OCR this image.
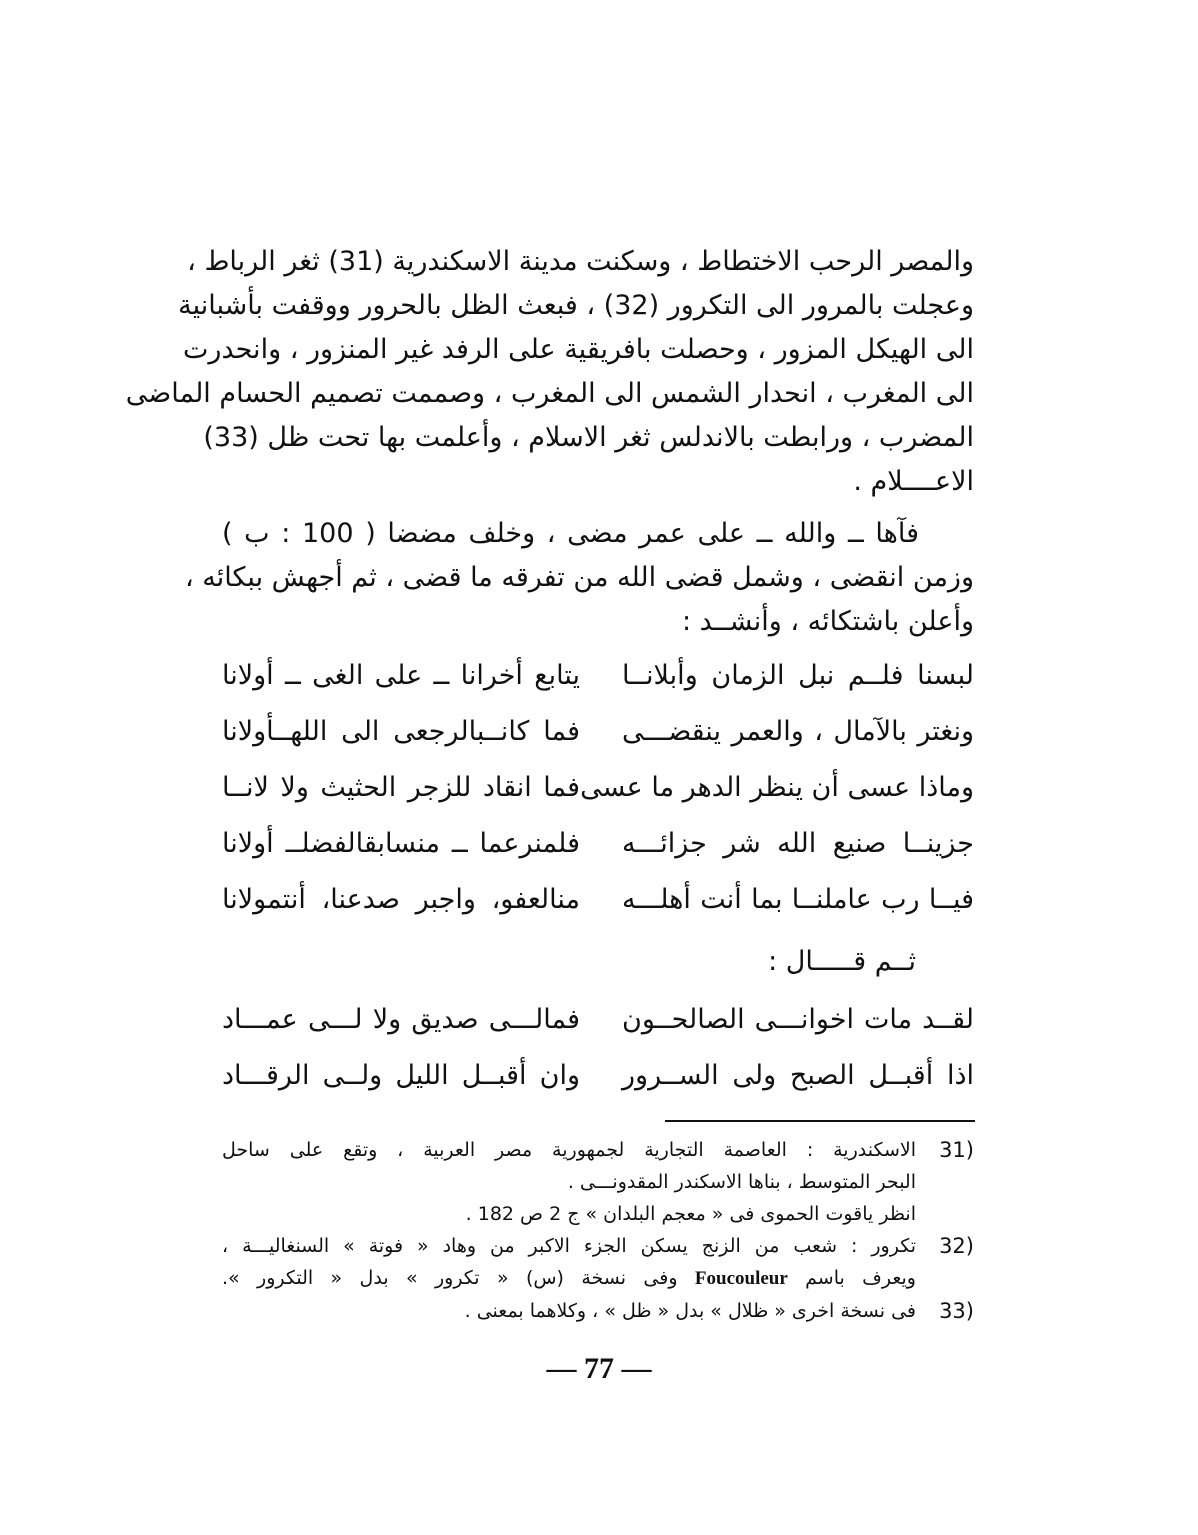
والمصر الرحب الاختطاط ، وسكنت مدينة الاسكندرية (31) ثغر الرباط ،
وعجلت بالمرور الى التكرور (32) ، فبعث الظل بالحرور ووقفت بأشبانية
الى الهيكل المزور ، وحصلت بافريقية على الرفد غير المنزور ، وانحدرت
الى المغرب ، انحدار الشمس الى المغرب ، وصممت تصميم الحسام الماضى
المضرب ، ورابطت بالاندلس ثغر الاسلام ، وأعلمت بها تحت ظل (33)
الاعــــلام .
فآها ــ والله ــ على عمر مضى ، وخلف مضضا ( 100 : ب )
وزمن انقضى ، وشمل قضى الله من تفرقه ما قضى ، ثم أجهش ببكائه ،
وأعلن باشتكائه ، وأنشــد :
لبسنا فلــم نبل الزمان وأبلانــا
يتابع أخرانا ــ على الغى ــ أولانا
ونغتر بالآمال ، والعمر ينقضـــى
فما كانــبالرجعى الى اللهــأولانا
وماذا عسى أن ينظر الدهر ما عسى
فما انقاد للزجر الحثيث ولا لانــا
جزينــا صنيع الله شر جزائـــه
فلمنرعما ــ منسابقالفضلــ أولانا
فيــا رب عاملنــا بما أنت أهلـــه
منالعفو، واجبر صدعنا، أنتمولانا
ثــم قـــــال :
لقــد مات اخوانـــى الصالحــون
فمالـــى صديق ولا لـــى عمـــاد
اذا أقبــل الصبح ولى الســرور
وان أقبــل الليل ولــى الرقـــاد
(31
الاسكندرية : العاصمة التجارية لجمهورية مصر العربية ، وتقع على ساحل
البحر المتوسط ، بناها الاسكندر المقدونـــى .
انظر ياقوت الحموى فى « معجم البلدان » ج 2 ص 182 .
(32
تكرور : شعب من الزنج يسكن الجزء الاكبر من وهاد « فوتة » السنغاليـــة ،
ويعرف باسم Foucouleur وفى نسخة (س) « تكرور » بدل « التكرور ».
(33
فى نسخة اخرى « ظلال » بدل « ظل » ، وكلاهما بمعنى .
— 77 —
